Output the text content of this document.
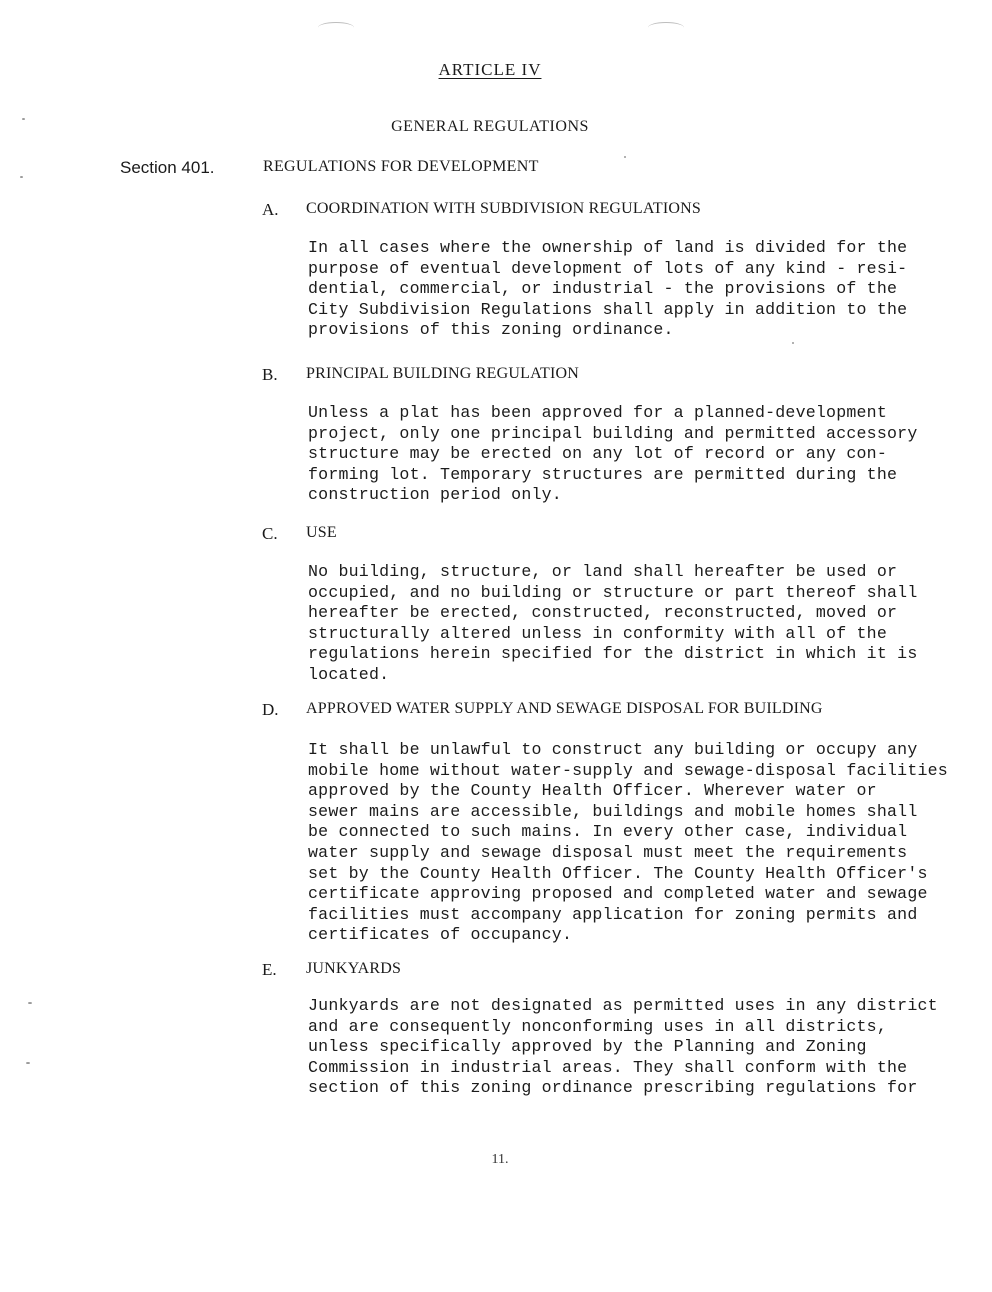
ARTICLE IV
GENERAL REGULATIONS
Section 401.	REGULATIONS FOR DEVELOPMENT
A. COORDINATION WITH SUBDIVISION REGULATIONS
In all cases where the ownership of land is divided for the
purpose of eventual development of lots of any kind - resi-
dential, commercial, or industrial - the provisions of the
City Subdivision Regulations shall apply in addition to the
provisions of this zoning ordinance.
B. PRINCIPAL BUILDING REGULATION
Unless a plat has been approved for a planned-development
project, only one principal building and permitted accessory
structure may be erected on any lot of record or any con-
forming lot. Temporary structures are permitted during the
construction period only.
C. USE
No building, structure, or land shall hereafter be used or
occupied, and no building or structure or part thereof shall
hereafter be erected, constructed, reconstructed, moved or
structurally altered unless in conformity with all of the
regulations herein specified for the district in which it is
located.
D. APPROVED WATER SUPPLY AND SEWAGE DISPOSAL FOR BUILDING
It shall be unlawful to construct any building or occupy any
mobile home without water-supply and sewage-disposal facilities
approved by the County Health Officer. Wherever water or
sewer mains are accessible, buildings and mobile homes shall
be connected to such mains. In every other case, individual
water supply and sewage disposal must meet the requirements
set by the County Health Officer. The County Health Officer's
certificate approving proposed and completed water and sewage
facilities must accompany application for zoning permits and
certificates of occupancy.
E. JUNKYARDS
Junkyards are not designated as permitted uses in any district
and are consequently nonconforming uses in all districts,
unless specifically approved by the Planning and Zoning
Commission in industrial areas. They shall conform with the
section of this zoning ordinance prescribing regulations for
11.
